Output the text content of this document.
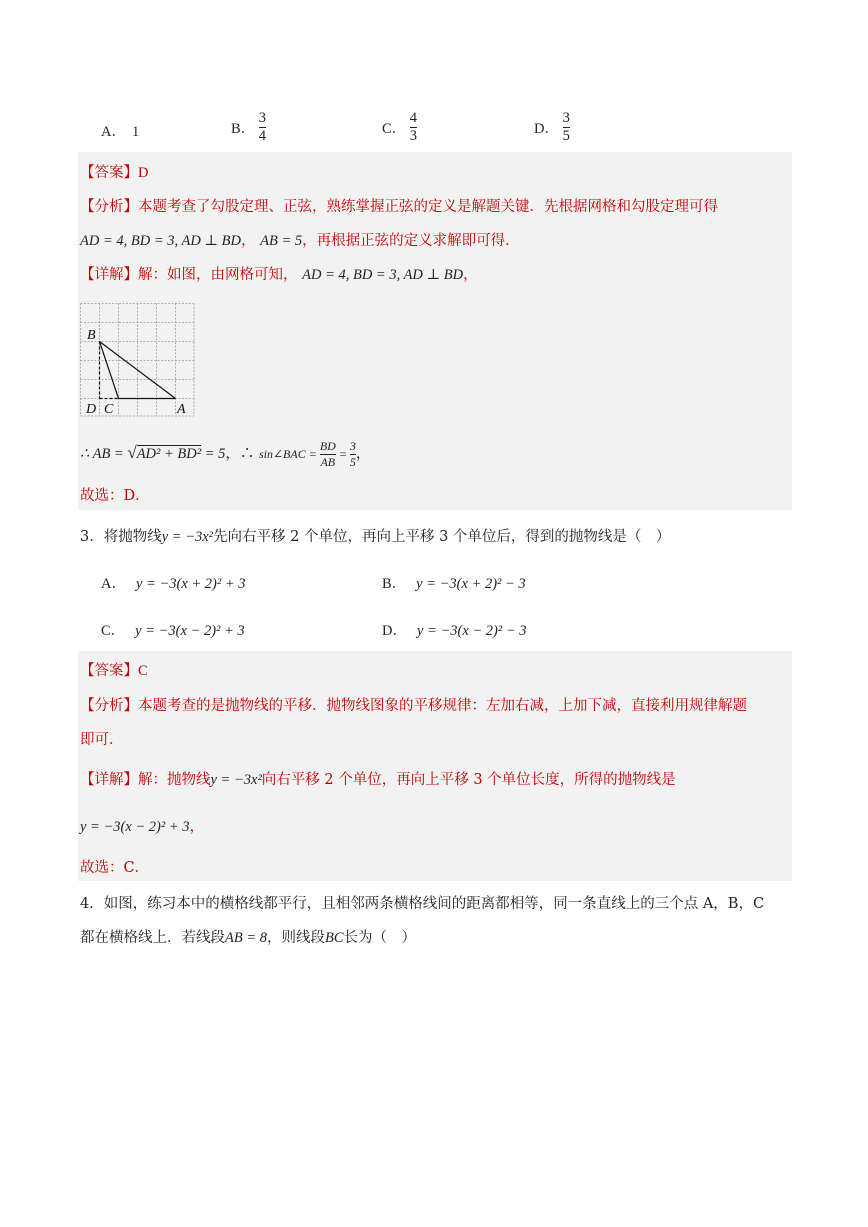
A． 1	B． $\frac{3}{4}$	C． $\frac{4}{3}$	D． $\frac{3}{5}$
【答案】D
【分析】本题考查了勾股定理、正弦，熟练掌握正弦的定义是解题关键．先根据网格和勾股定理可得
AD = 4, BD = 3, AD ⊥ BD， AB = 5，再根据正弦的定义求解即可得．
【详解】解：如图，由网格可知， AD = 4, BD = 3, AD ⊥ BD，
B
D C	A
∴ AB = √AD² + BD² = 5，∴ sin∠BAC = $\frac{BD}{AB} = \frac{3}{5}$ ，
故选：D．
3．将抛物线y = −3x²先向右平移 2 个单位，再向上平移 3 个单位后，得到的抛物线是（　）
A． y = −3(x + 2)² + 3	B． y = −3(x + 2)² − 3
C． y = −3(x − 2)² + 3	D． y = −3(x − 2)² − 3
【答案】C
【分析】本题考查的是抛物线的平移．抛物线图象的平移规律：左加右减，上加下减，直接利用规律解题
即可．
【详解】解：抛物线y = −3x²向右平移 2 个单位，再向上平移 3 个单位长度，所得的抛物线是
y = −3(x − 2)² + 3，
故选：C．
4．如图，练习本中的横格线都平行，且相邻两条横格线间的距离都相等，同一条直线上的三个点 A，B，C
都在横格线上．若线段AB = 8，则线段BC长为（　）
